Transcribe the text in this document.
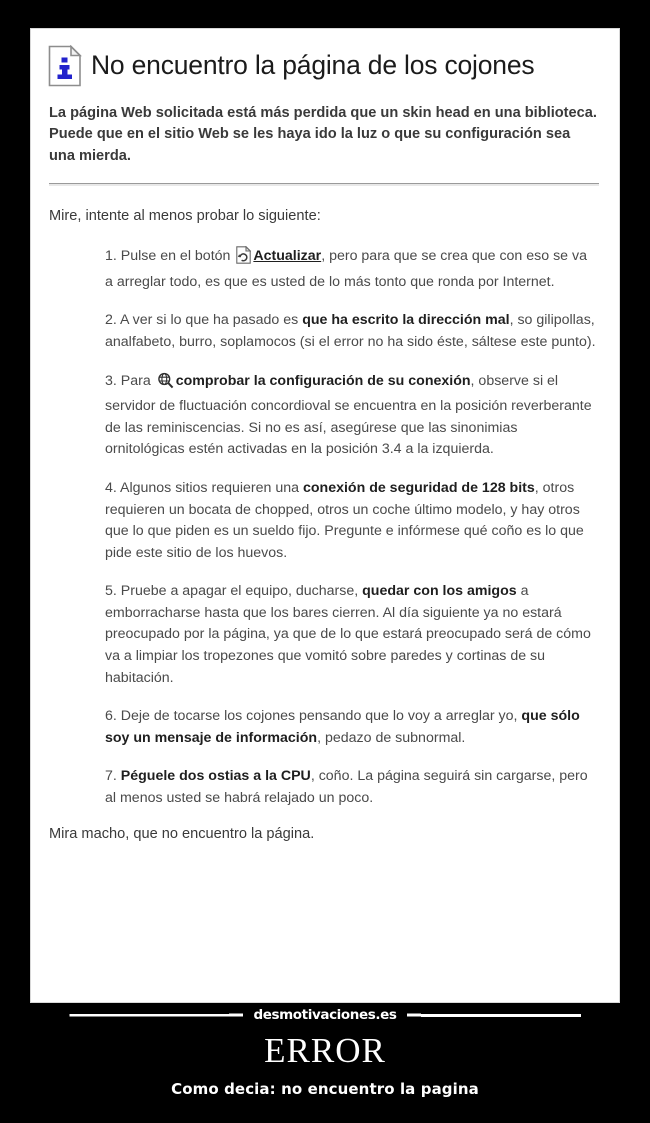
No encuentro la página de los cojones
La página Web solicitada está más perdida que un skin head en una biblioteca. Puede que en el sitio Web se les haya ido la luz o que su configuración sea una mierda.
Mire, intente al menos probar lo siguiente:
1. Pulse en el botón Actualizar, pero para que se crea que con eso se va a arreglar todo, es que es usted de lo más tonto que ronda por Internet.
2. A ver si lo que ha pasado es que ha escrito la dirección mal, so gilipollas, analfabeto, burro, soplamocos (si el error no ha sido éste, sáltese este punto).
3. Para comprobar la configuración de su conexión, observe si el servidor de fluctuación concordioval se encuentra en la posición reverberante de las reminiscencias. Si no es así, asegúrese que las sinonimias ornitológicas estén activadas en la posición 3.4 a la izquierda.
4. Algunos sitios requieren una conexión de seguridad de 128 bits, otros requieren un bocata de chopped, otros un coche último modelo, y hay otros que lo que piden es un sueldo fijo. Pregunte e infórmese qué coño es lo que pide este sitio de los huevos.
5. Pruebe a apagar el equipo, ducharse, quedar con los amigos a emborracharse hasta que los bares cierren. Al día siguiente ya no estará preocupado por la página, ya que de lo que estará preocupado será de cómo va a limpiar los tropezones que vomitó sobre paredes y cortinas de su habitación.
6. Deje de tocarse los cojones pensando que lo voy a arreglar yo, que sólo soy un mensaje de información, pedazo de subnormal.
7. Péguele dos ostias a la CPU, coño. La página seguirá sin cargarse, pero al menos usted se habrá relajado un poco.
Mira macho, que no encuentro la página.
desmotivaciones.es
ERROR
Como decia: no encuentro la pagina
